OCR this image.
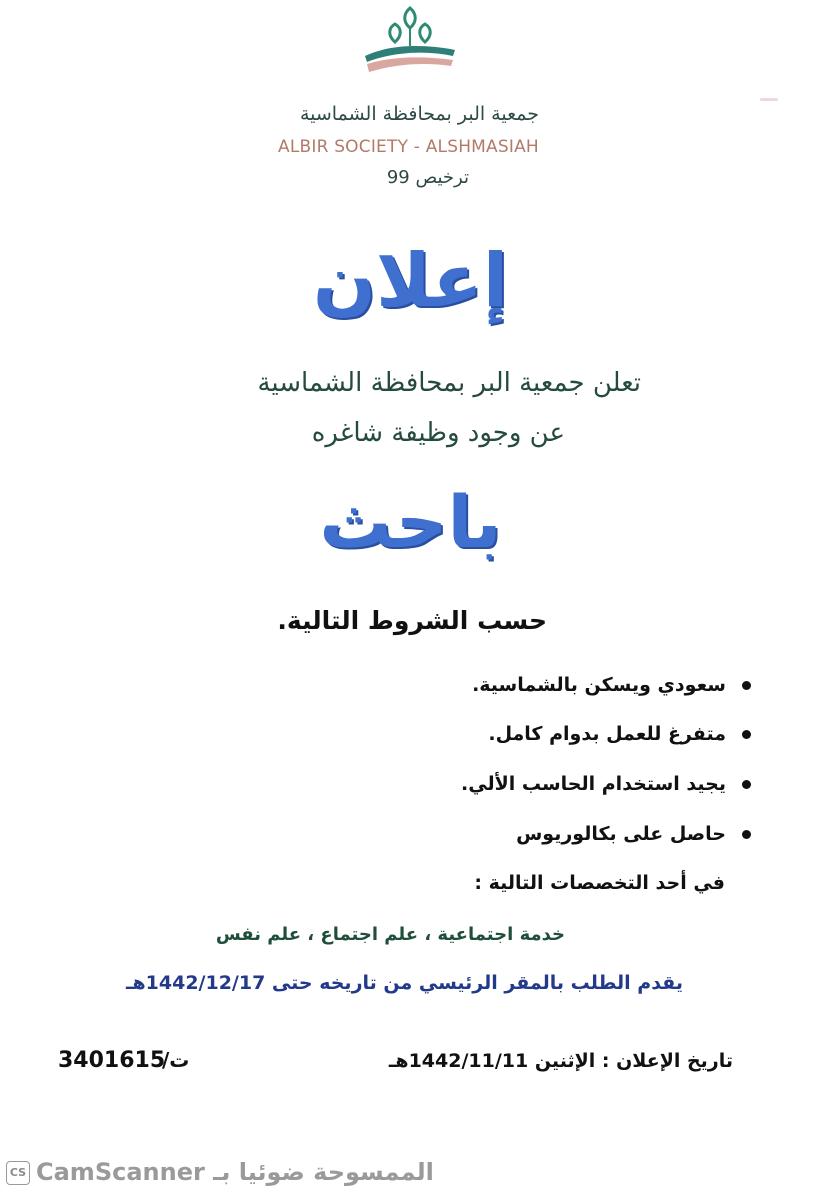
جمعية البر بمحافظة الشماسية
ALBIR SOCIETY - ALSHMASIAH
ترخيص 99
إعلان
تعلن جمعية البر بمحافظة الشماسية
عن وجود وظيفة شاغره
باحث
حسب الشروط التالية.
سعودي ويسكن بالشماسية.
متفرغ للعمل بدوام كامل.
يجيد استخدام الحاسب الألي.
حاصل على بكالوريوس
في أحد التخصصات التالية :
خدمة اجتماعية ، علم اجتماع ، علم نفس
يقدم الطلب بالمقر الرئيسي من تاريخه حتى 1442/12/17هـ
تاريخ الإعلان : الإثنين 1442/11/11هـ
ت/
3401615
CS الممسوحة ضوئيا بـ CamScanner
